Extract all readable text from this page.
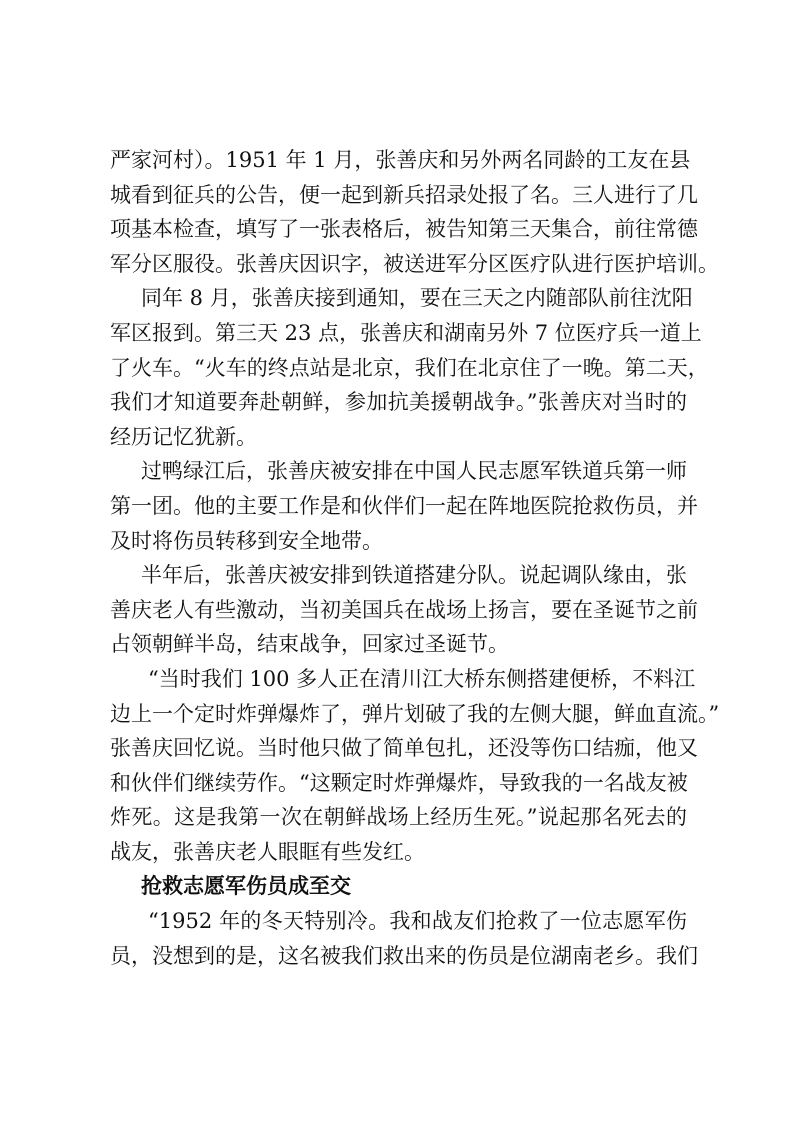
严家河村）。1951 年 1 月，张善庆和另外两名同龄的工友在县
城看到征兵的公告，便一起到新兵招录处报了名。三人进行了几
项基本检查，填写了一张表格后，被告知第三天集合，前往常德
军分区服役。张善庆因识字，被送进军分区医疗队进行医护培训。
同年 8 月，张善庆接到通知，要在三天之内随部队前往沈阳
军区报到。第三天 23 点，张善庆和湖南另外 7 位医疗兵一道上
了火车。“火车的终点站是北京，我们在北京住了一晚。第二天，
我们才知道要奔赴朝鲜，参加抗美援朝战争。”张善庆对当时的
经历记忆犹新。
过鸭绿江后，张善庆被安排在中国人民志愿军铁道兵第一师
第一团。他的主要工作是和伙伴们一起在阵地医院抢救伤员，并
及时将伤员转移到安全地带。
半年后，张善庆被安排到铁道搭建分队。说起调队缘由，张
善庆老人有些激动，当初美国兵在战场上扬言，要在圣诞节之前
占领朝鲜半岛，结束战争，回家过圣诞节。
“当时我们 100 多人正在清川江大桥东侧搭建便桥，不料江
边上一个定时炸弹爆炸了，弹片划破了我的左侧大腿，鲜血直流。”
张善庆回忆说。当时他只做了简单包扎，还没等伤口结痂，他又
和伙伴们继续劳作。“这颗定时炸弹爆炸，导致我的一名战友被
炸死。这是我第一次在朝鲜战场上经历生死。”说起那名死去的
战友，张善庆老人眼眶有些发红。
抢救志愿军伤员成至交
“1952 年的冬天特别冷。我和战友们抢救了一位志愿军伤
员，没想到的是，这名被我们救出来的伤员是位湖南老乡。我们
